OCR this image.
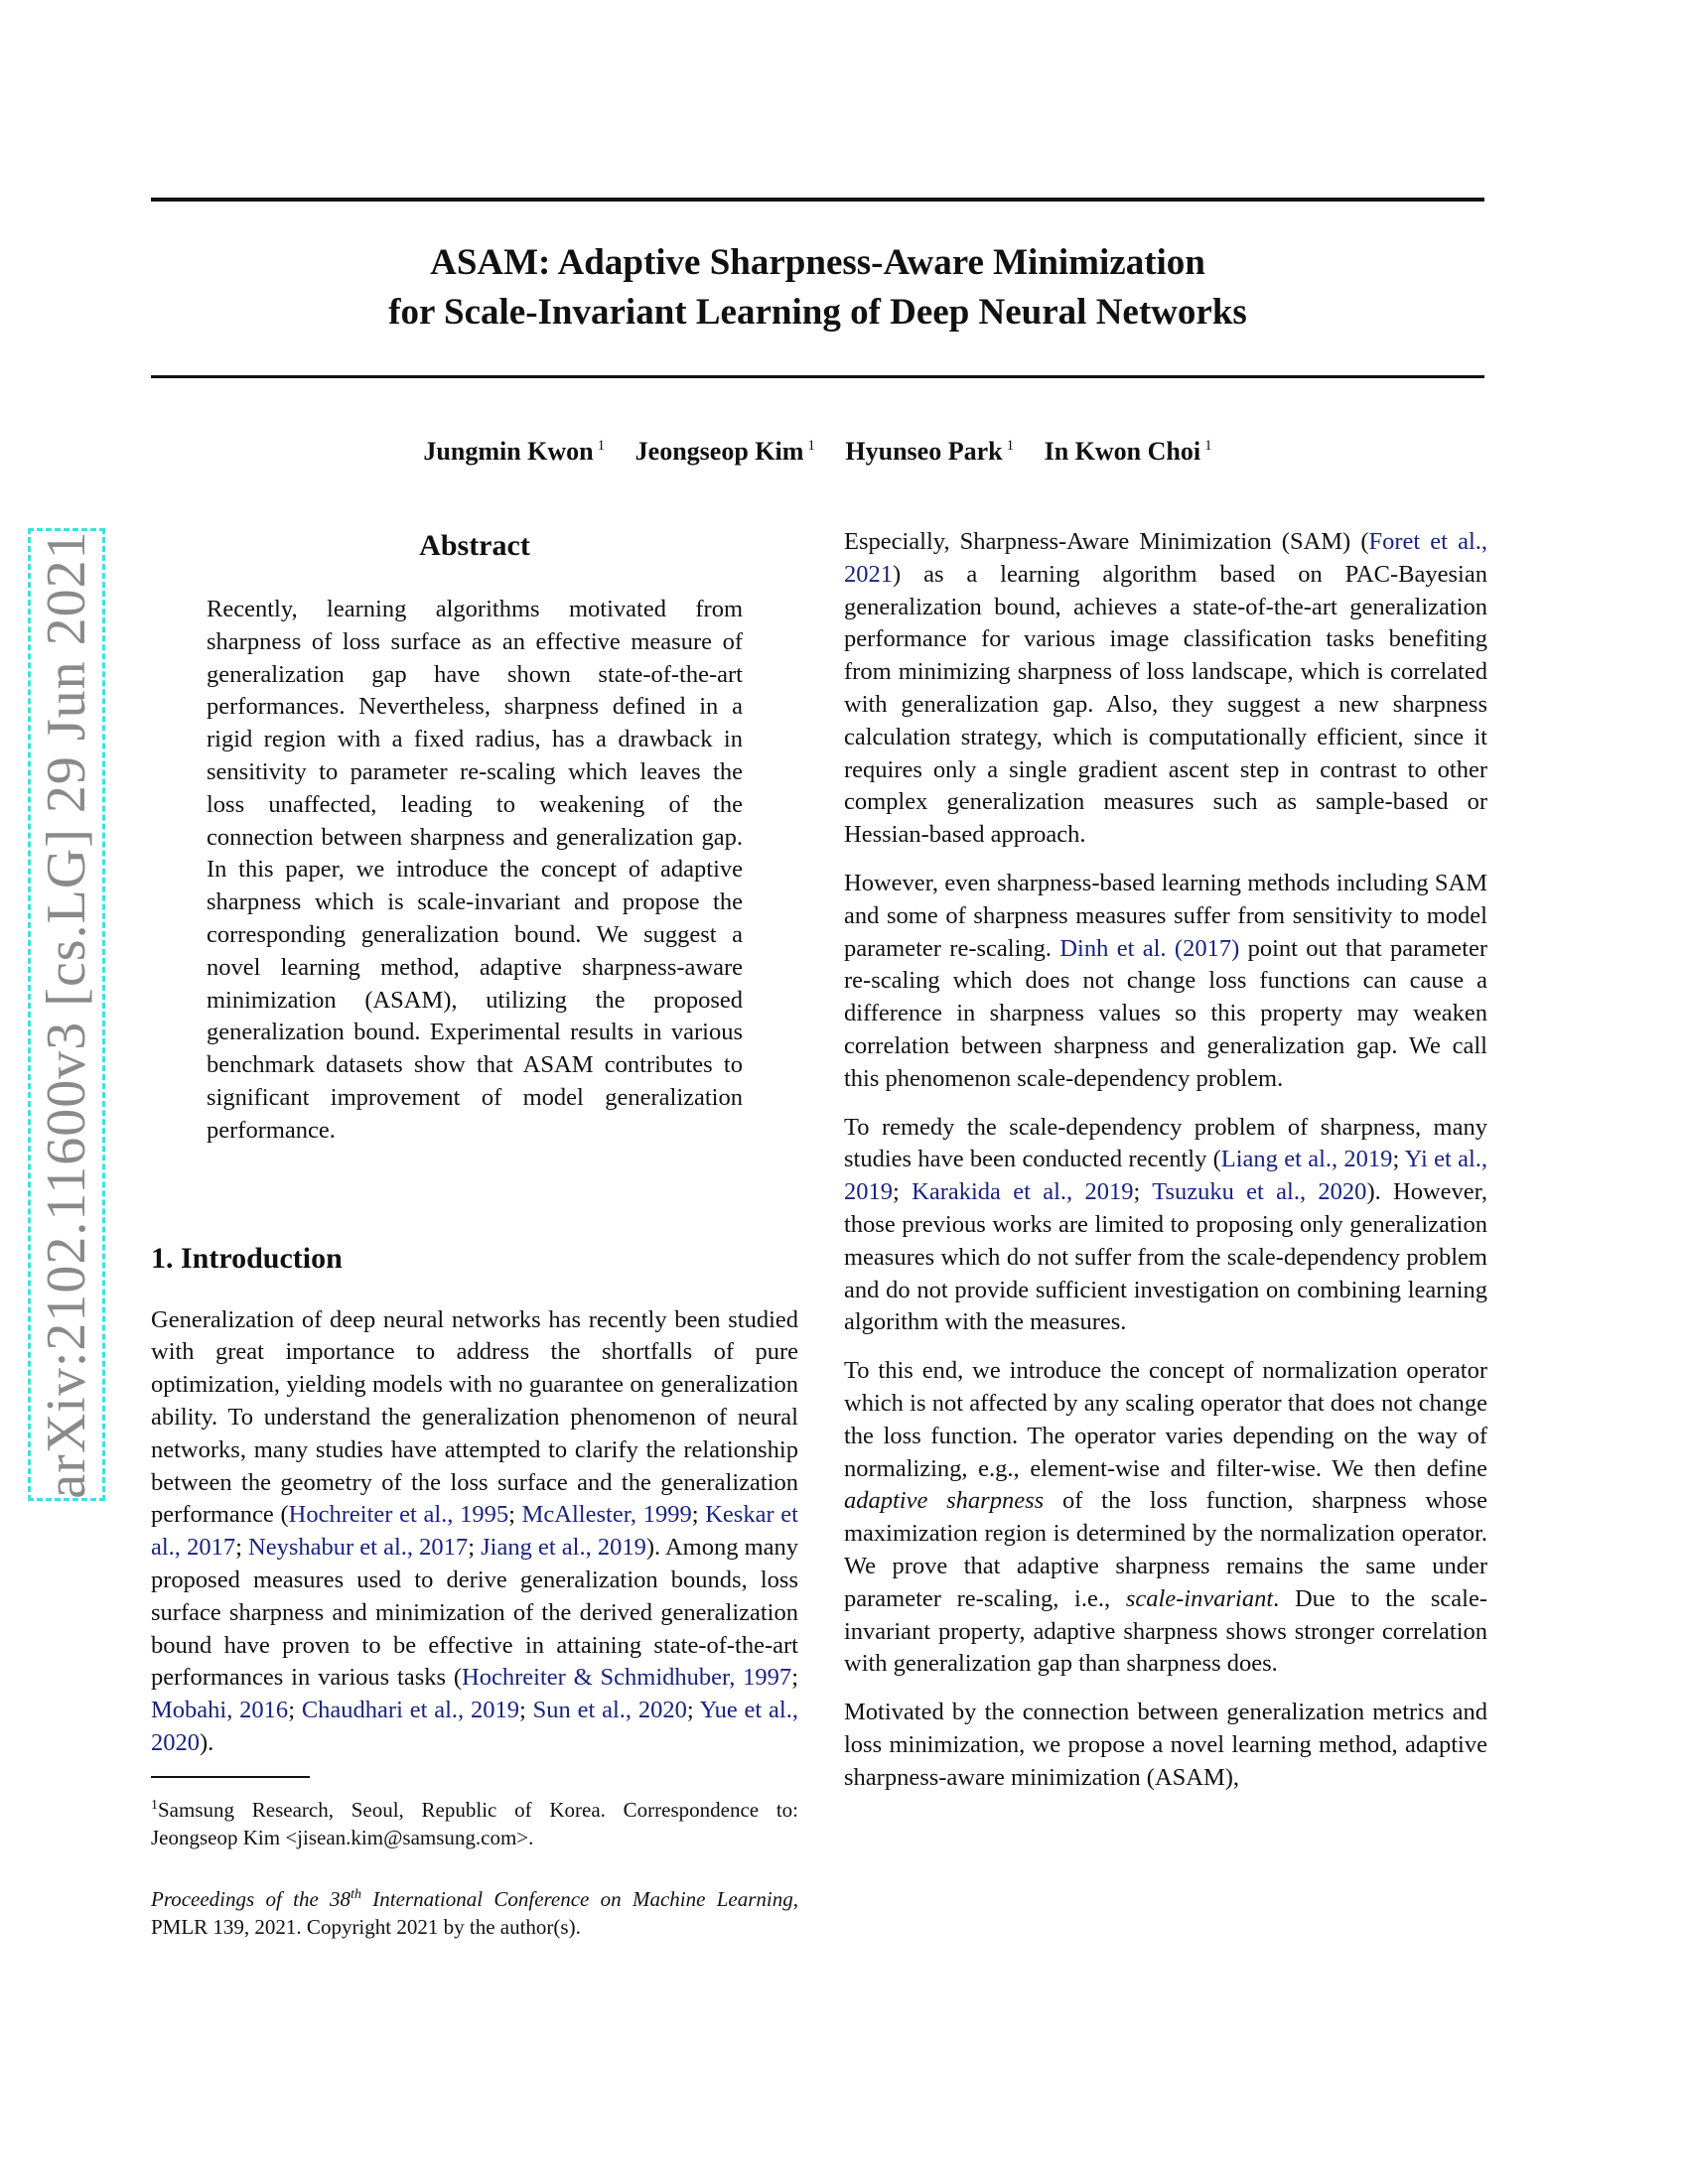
ASAM: Adaptive Sharpness-Aware Minimization
for Scale-Invariant Learning of Deep Neural Networks
Jungmin Kwon $^1$ Jeongseop Kim $^1$ Hyunseo Park $^1$ In Kwon Choi $^1$
arXiv:2102.11600v3 [cs.LG] 29 Jun 2021	Abstract

Recently, learning algorithms motivated from sharpness of loss surface as an effective measure of generalization gap have shown state-of-the-art performances. Nevertheless, sharpness defined in a rigid region with a fixed radius, has a drawback in sensitivity to parameter re-scaling which leaves the loss unaffected, leading to weakening of the connection between sharpness and generalization gap. In this paper, we introduce the concept of adaptive sharpness which is scale-invariant and propose the corresponding generalization bound. We suggest a novel learning method, adaptive sharpness-aware minimization (ASAM), utilizing the proposed generalization bound. Experimental results in various benchmark datasets show that ASAM contributes to significant improvement of model generalization performance.

1. Introduction

Generalization of deep neural networks has recently been studied with great importance to address the shortfalls of pure optimization, yielding models with no guarantee on generalization ability. To understand the generalization phenomenon of neural networks, many studies have attempted to clarify the relationship between the geometry of the loss surface and the generalization performance (Hochreiter et al., 1995; McAllester, 1999; Keskar et al., 2017; Neyshabur et al., 2017; Jiang et al., 2019). Among many proposed measures used to derive generalization bounds, loss surface sharpness and minimization of the derived generalization bound have proven to be effective in attaining state-of-the-art performances in various tasks (Hochreiter & Schmidhuber, 1997; Mobahi, 2016; Chaudhari et al., 2019; Sun et al., 2020; Yue et al., 2020).

$^1$Samsung Research, Seoul, Republic of Korea. Correspondence to: Jeongseop Kim <jisean.kim@samsung.com>.

Proceedings of the 38th International Conference on Machine Learning, PMLR 139, 2021. Copyright 2021 by the author(s).

Especially, Sharpness-Aware Minimization (SAM) (Foret et al., 2021) as a learning algorithm based on PAC-Bayesian generalization bound, achieves a state-of-the-art generalization performance for various image classification tasks benefiting from minimizing sharpness of loss landscape, which is correlated with generalization gap. Also, they suggest a new sharpness calculation strategy, which is computationally efficient, since it requires only a single gradient ascent step in contrast to other complex generalization measures such as sample-based or Hessian-based approach.

However, even sharpness-based learning methods including SAM and some of sharpness measures suffer from sensitivity to model parameter re-scaling. Dinh et al. (2017) point out that parameter re-scaling which does not change loss functions can cause a difference in sharpness values so this property may weaken correlation between sharpness and generalization gap. We call this phenomenon scale-dependency problem.

To remedy the scale-dependency problem of sharpness, many studies have been conducted recently (Liang et al., 2019; Yi et al., 2019; Karakida et al., 2019; Tsuzuku et al., 2020). However, those previous works are limited to proposing only generalization measures which do not suffer from the scale-dependency problem and do not provide sufficient investigation on combining learning algorithm with the measures.

To this end, we introduce the concept of normalization operator which is not affected by any scaling operator that does not change the loss function. The operator varies depending on the way of normalizing, e.g., element-wise and filter-wise. We then define adaptive sharpness of the loss function, sharpness whose maximization region is determined by the normalization operator. We prove that adaptive sharpness remains the same under parameter re-scaling, i.e., scale-invariant. Due to the scale-invariant property, adaptive sharpness shows stronger correlation with generalization gap than sharpness does.

Motivated by the connection between generalization metrics and loss minimization, we propose a novel learning method, adaptive sharpness-aware minimization (ASAM),
